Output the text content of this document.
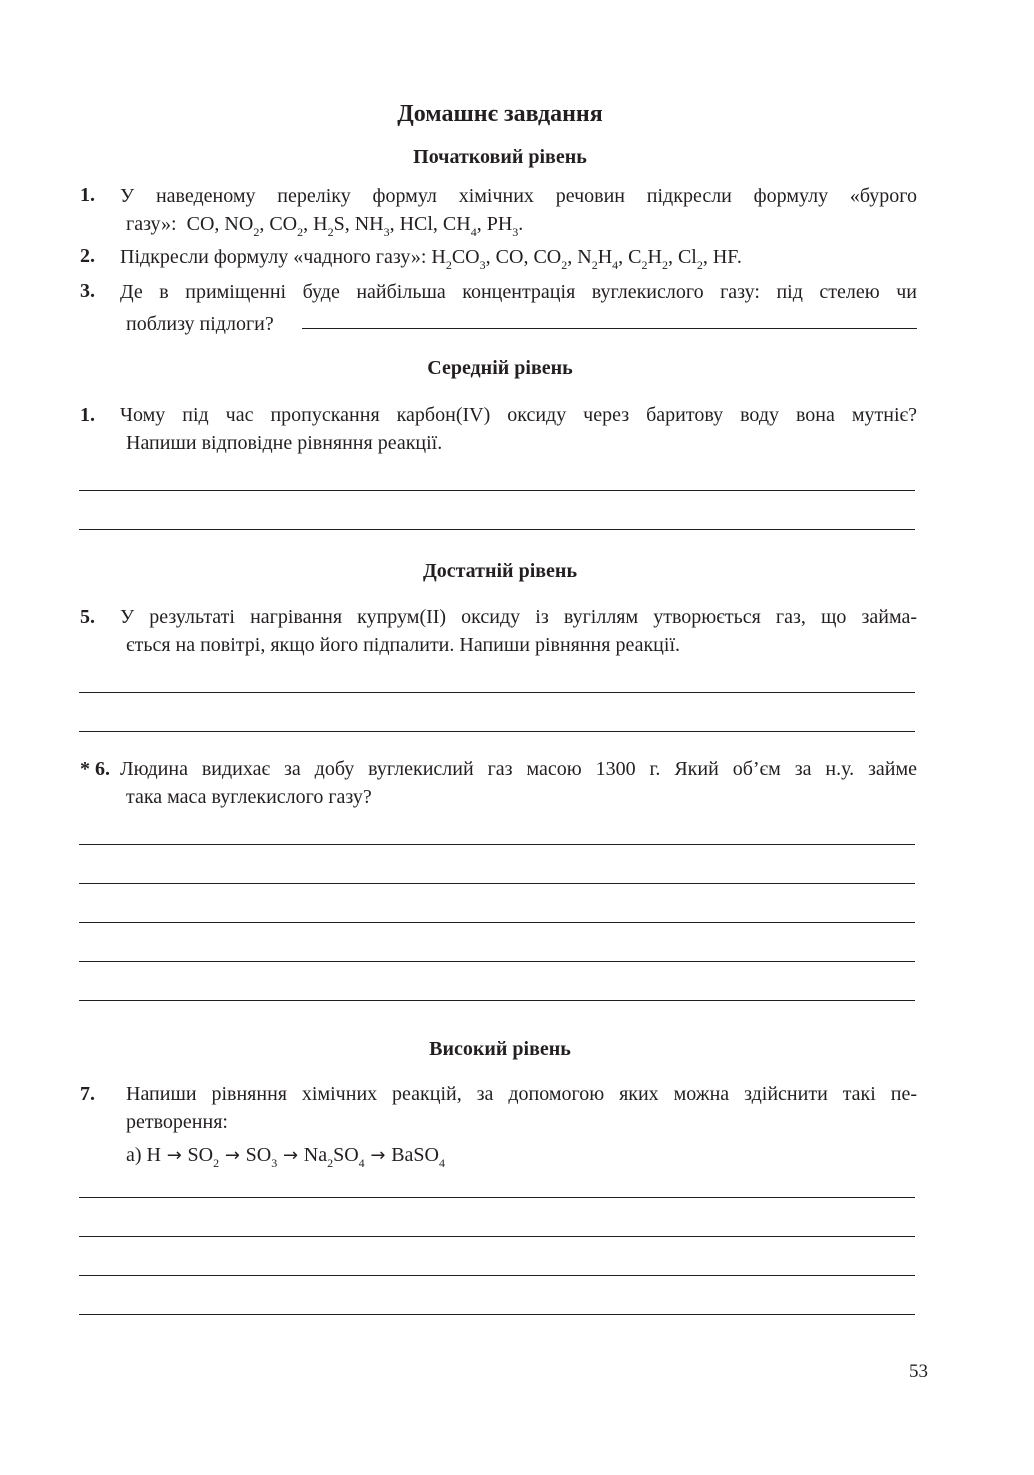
Домашнє завдання
Початковий рівень
1. У наведеному переліку формул хімічних речовин підкресли формулу «бурого
газу»: CO, $NO_2$, $CO_2$, $H_2S$, $NH_3$, HCl, $CH_4$, $PH_3$.
2. Підкресли формулу «чадного газу»: $H_2CO_3$, CO, $CO_2$, $N_2H_4$, $C_2H_2$, $Cl_2$, HF.
3. Де в приміщенні буде найбільша концентрація вуглекислого газу: під стелею чи
поблизу підлоги?
Середній рівень
1. Чому під час пропускання карбон(IV) оксиду через баритову воду вона мутніє?
Напиши відповідне рівняння реакції.
Достатній рівень
5. У результаті нагрівання купрум(II) оксиду із вугіллям утворюється газ, що займа-
ється на повітрі, якщо його підпалити. Напиши рівняння реакції.
* 6. Людина видихає за добу вуглекислий газ масою 1300 г. Який об’єм за н.у. займе
така маса вуглекислого газу?
Високий рівень
7. Напиши рівняння хімічних реакцій, за допомогою яких можна здійснити такі пе-
ретворення:
а) $H \to SO_2 \to SO_3 \to Na_2SO_4$ → BaSO$_4$
53
